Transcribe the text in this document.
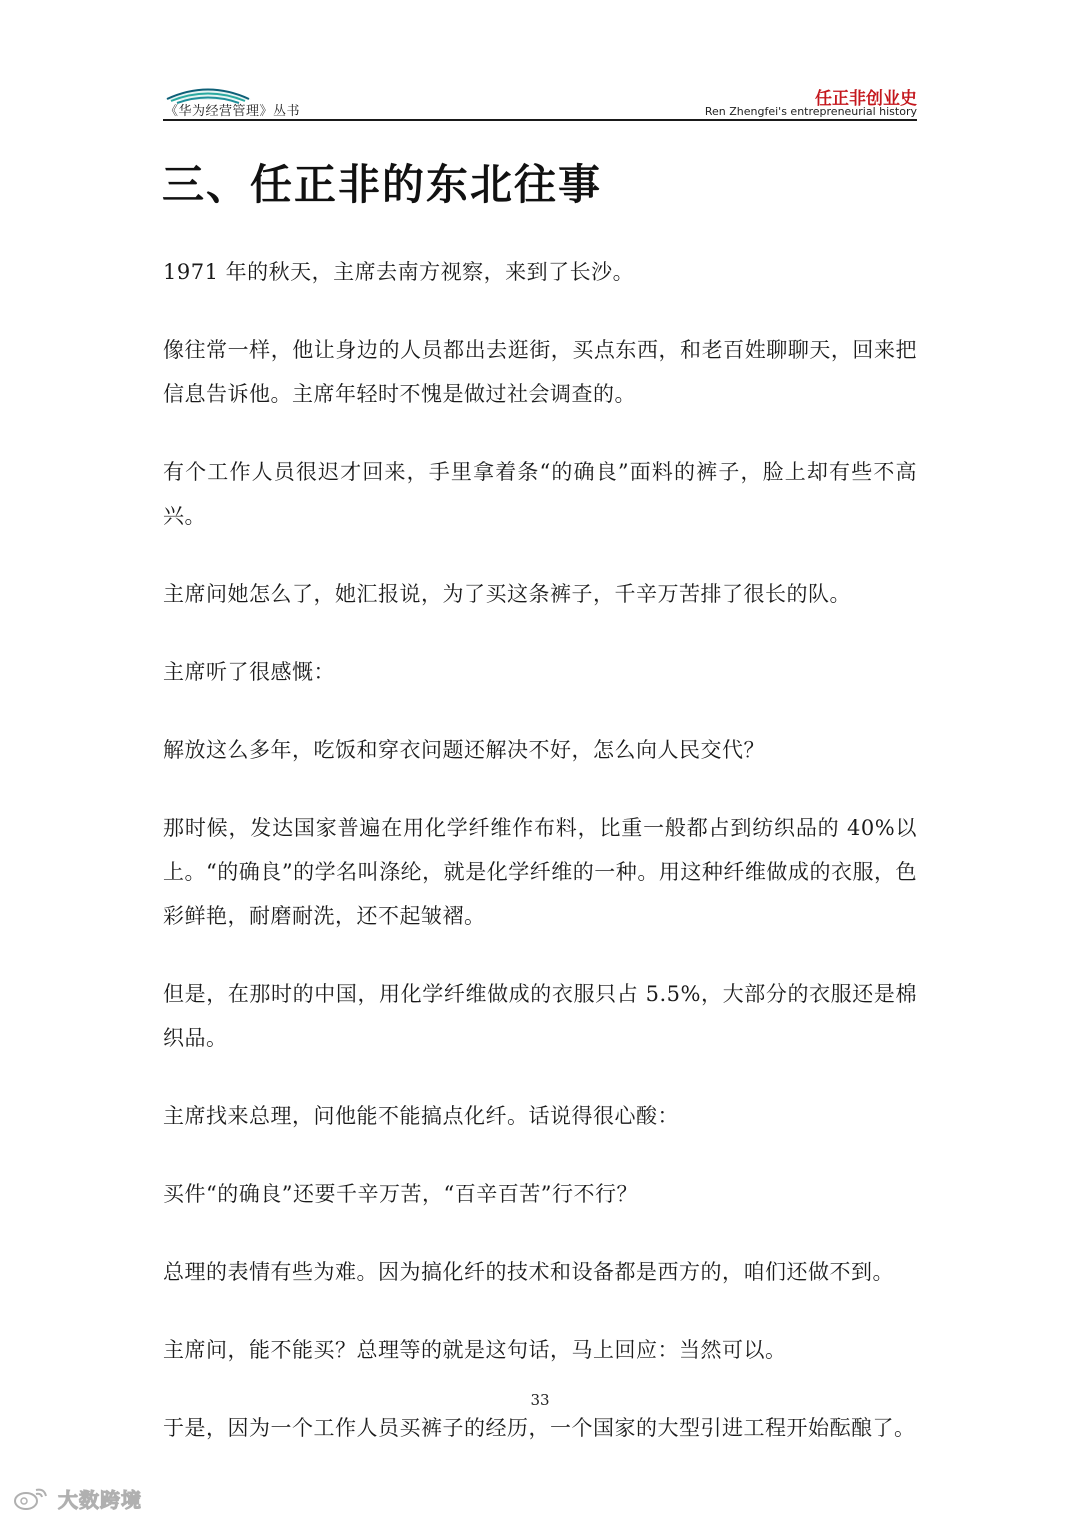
《华为经营管理》丛书
任正非创业史
Ren Zhengfei's entrepreneurial history
三、任正非的东北往事

1971 年的秋天，主席去南方视察，来到了长沙。

像往常一样，他让身边的人员都出去逛街，买点东西，和老百姓聊聊天，回来把信息告诉他。主席年轻时不愧是做过社会调查的。

有个工作人员很迟才回来，手里拿着条“的确良”面料的裤子，脸上却有些不高兴。

主席问她怎么了，她汇报说，为了买这条裤子，千辛万苦排了很长的队。

主席听了很感慨：

解放这么多年，吃饭和穿衣问题还解决不好，怎么向人民交代？

那时候，发达国家普遍在用化学纤维作布料，比重一般都占到纺织品的 40%以上。“的确良”的学名叫涤纶，就是化学纤维的一种。用这种纤维做成的衣服，色彩鲜艳，耐磨耐洗，还不起皱褶。

但是，在那时的中国，用化学纤维做成的衣服只占 5.5%，大部分的衣服还是棉织品。

主席找来总理，问他能不能搞点化纤。话说得很心酸：

买件“的确良”还要千辛万苦，“百辛百苦”行不行？

总理的表情有些为难。因为搞化纤的技术和设备都是西方的，咱们还做不到。

主席问，能不能买？总理等的就是这句话，马上回应：当然可以。

于是，因为一个工作人员买裤子的经历，一个国家的大型引进工程开始酝酿了。

33
大数跨境
